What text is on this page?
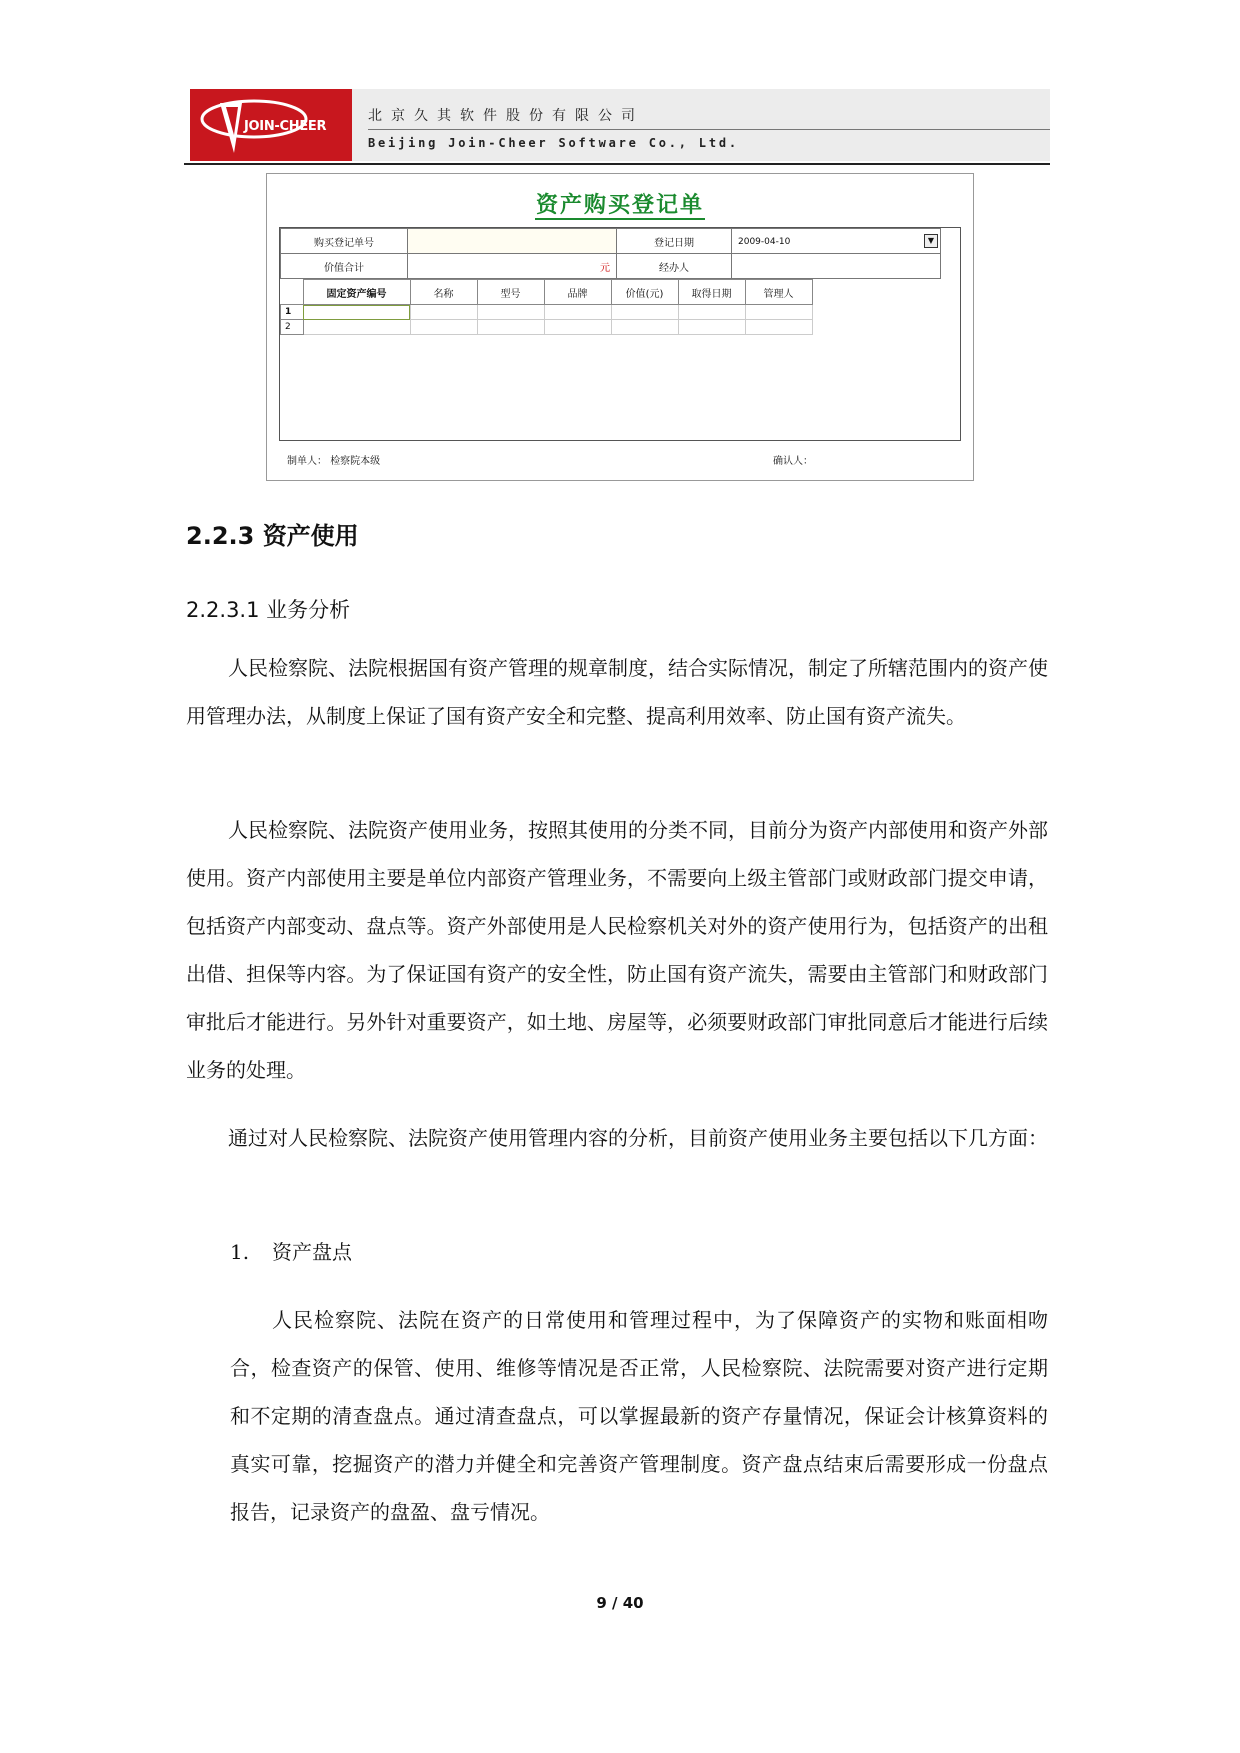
JOIN-CHEER
北京久其软件股份有限公司
Beijing Join-Cheer Software Co., Ltd.
资产购买登记单
购买登记单号		登记日期	2009-04-10 ▼

价值合计	元	经办人	
	固定资产编号	名称	型号	品牌	价值(元)	取得日期	管理人
1							
2							
制单人： 检察院本级	确认人：
2.2.3 资产使用
2.2.3.1 业务分析

人民检察院、法院根据国有资产管理的规章制度，结合实际情况，制定了所辖范围内的资产使用管理办法，从制度上保证了国有资产安全和完整、提高利用效率、防止国有资产流失。

人民检察院、法院资产使用业务，按照其使用的分类不同，目前分为资产内部使用和资产外部使用。资产内部使用主要是单位内部资产管理业务，不需要向上级主管部门或财政部门提交申请，包括资产内部变动、盘点等。资产外部使用是人民检察机关对外的资产使用行为，包括资产的出租出借、担保等内容。为了保证国有资产的安全性，防止国有资产流失，需要由主管部门和财政部门审批后才能进行。另外针对重要资产，如土地、房屋等，必须要财政部门审批同意后才能进行后续业务的处理。

通过对人民检察院、法院资产使用管理内容的分析，目前资产使用业务主要包括以下几方面：

1. 资产盘点

人民检察院、法院在资产的日常使用和管理过程中，为了保障资产的实物和账面相吻合，检查资产的保管、使用、维修等情况是否正常，人民检察院、法院需要对资产进行定期和不定期的清查盘点。通过清查盘点，可以掌握最新的资产存量情况，保证会计核算资料的真实可靠，挖掘资产的潜力并健全和完善资产管理制度。资产盘点结束后需要形成一份盘点报告，记录资产的盘盈、盘亏情况。

9 / 40
